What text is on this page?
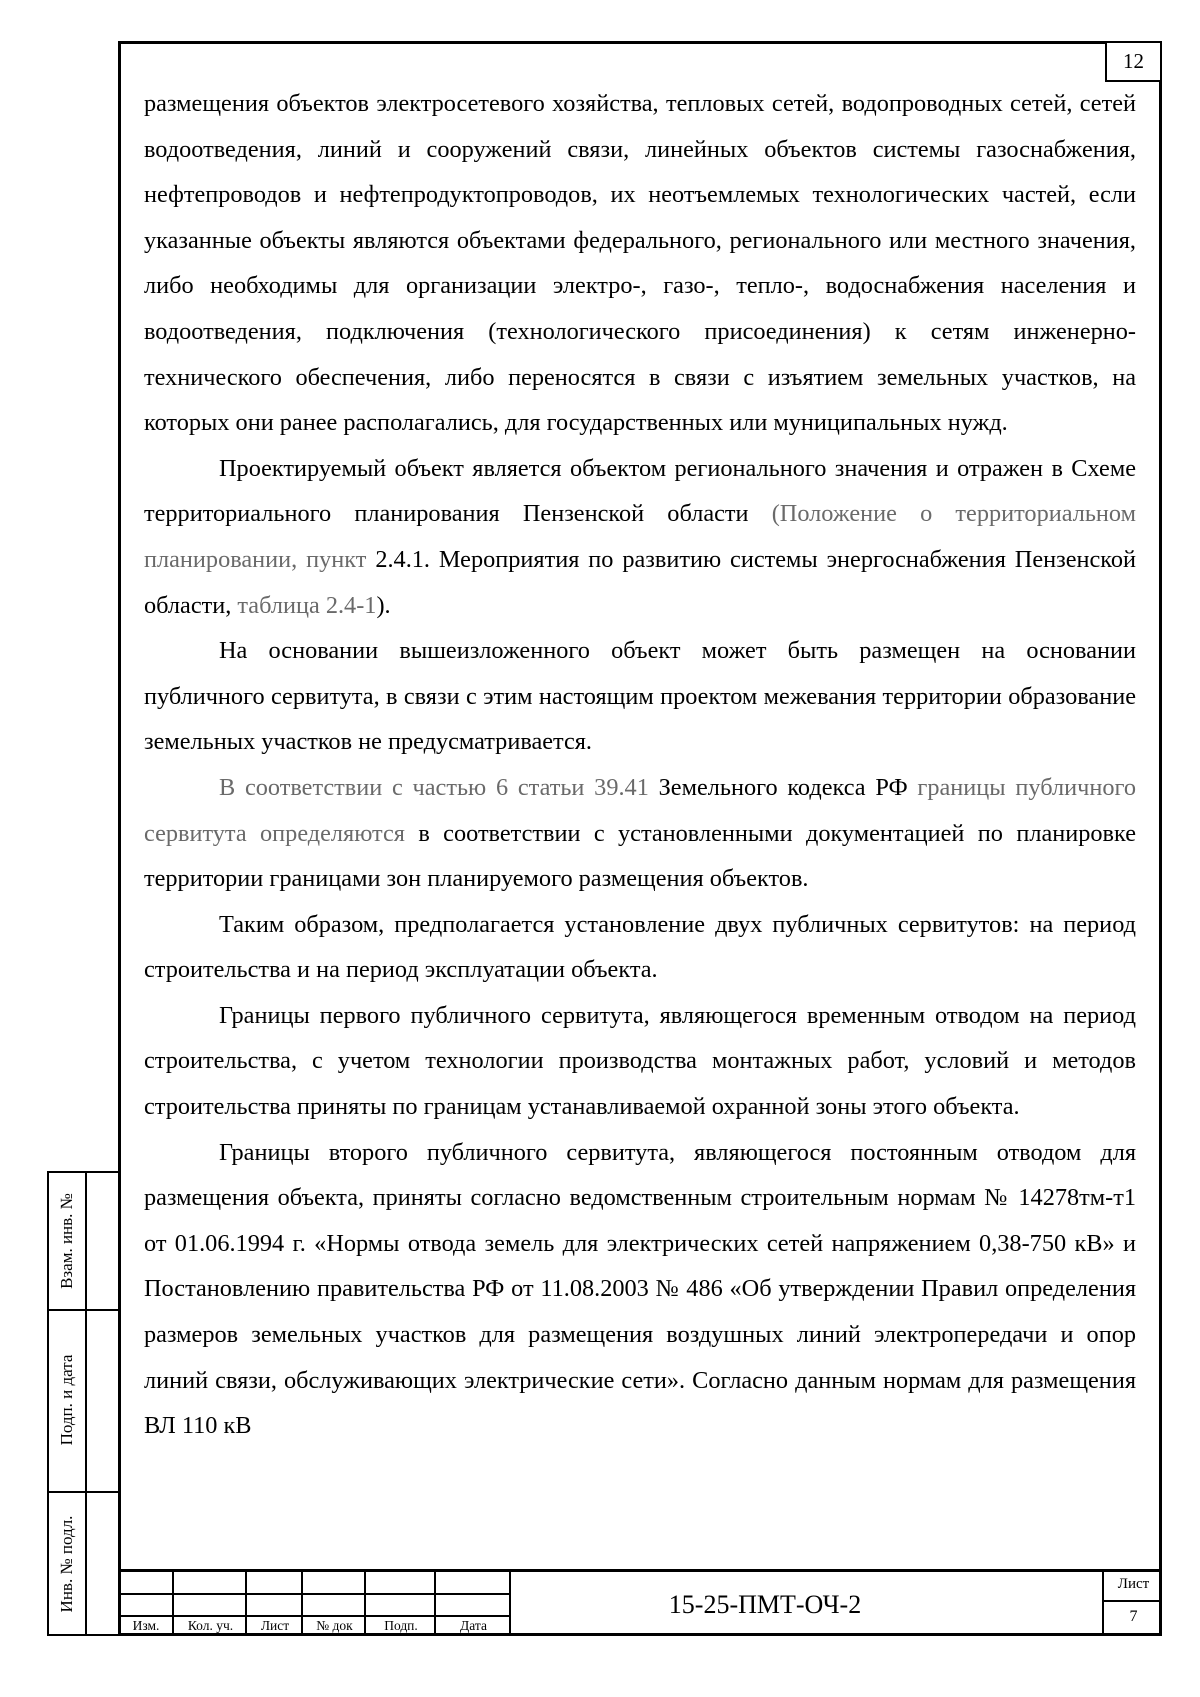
12

размещения объектов электросетевого хозяйства, тепловых сетей, водопроводных сетей, сетей водоотведения, линий и сооружений связи, линейных объектов системы газоснабжения, нефтепроводов и нефтепродуктопроводов, их неотъемлемых технологических частей, если указанные объекты являются объектами федерального, регионального или местного значения, либо необходимы для организации электро-, газо-, тепло-, водоснабжения населения и водоотведения, подключения (технологического присоединения) к сетям инженерно-технического обеспечения, либо переносятся в связи с изъятием земельных участков, на которых они ранее располагались, для государственных или муниципальных нужд.

Проектируемый объект является объектом регионального значения и отражен в Схеме территориального планирования Пензенской области (Положение о территориальном планировании, пункт 2.4.1. Мероприятия по развитию системы энергоснабжения Пензенской области, таблица 2.4-1).

На основании вышеизложенного объект может быть размещен на основании публичного сервитута, в связи с этим настоящим проектом межевания территории образование земельных участков не предусматривается.

В соответствии с частью 6 статьи 39.41 Земельного кодекса РФ границы публичного сервитута определяются в соответствии с установленными документацией по планировке территории границами зон планируемого размещения объектов.

Таким образом, предполагается установление двух публичных сервитутов: на период строительства и на период эксплуатации объекта.

Границы первого публичного сервитута, являющегося временным отводом на период строительства, с учетом технологии производства монтажных работ, условий и методов строительства приняты по границам устанавливаемой охранной зоны этого объекта.

Границы второго публичного сервитута, являющегося постоянным отводом для размещения объекта, приняты согласно ведомственным строительным нормам № 14278тм-т1 от 01.06.1994 г. «Нормы отвода земель для электрических сетей напряжением 0,38-750 кВ» и Постановлению правительства РФ от 11.08.2003 № 486 «Об утверждении Правил определения размеров земельных участков для размещения воздушных линий электропередачи и опор линий связи, обслуживающих электрические сети». Согласно данным нормам для размещения ВЛ 110 кВ

Взам. инв. №
Подп. и дата
Инв. № подл.
Изм.	Кол. уч.	Лист	№ док	Подп.	Дата
15-25-ПМТ-ОЧ-2
Лист
7
